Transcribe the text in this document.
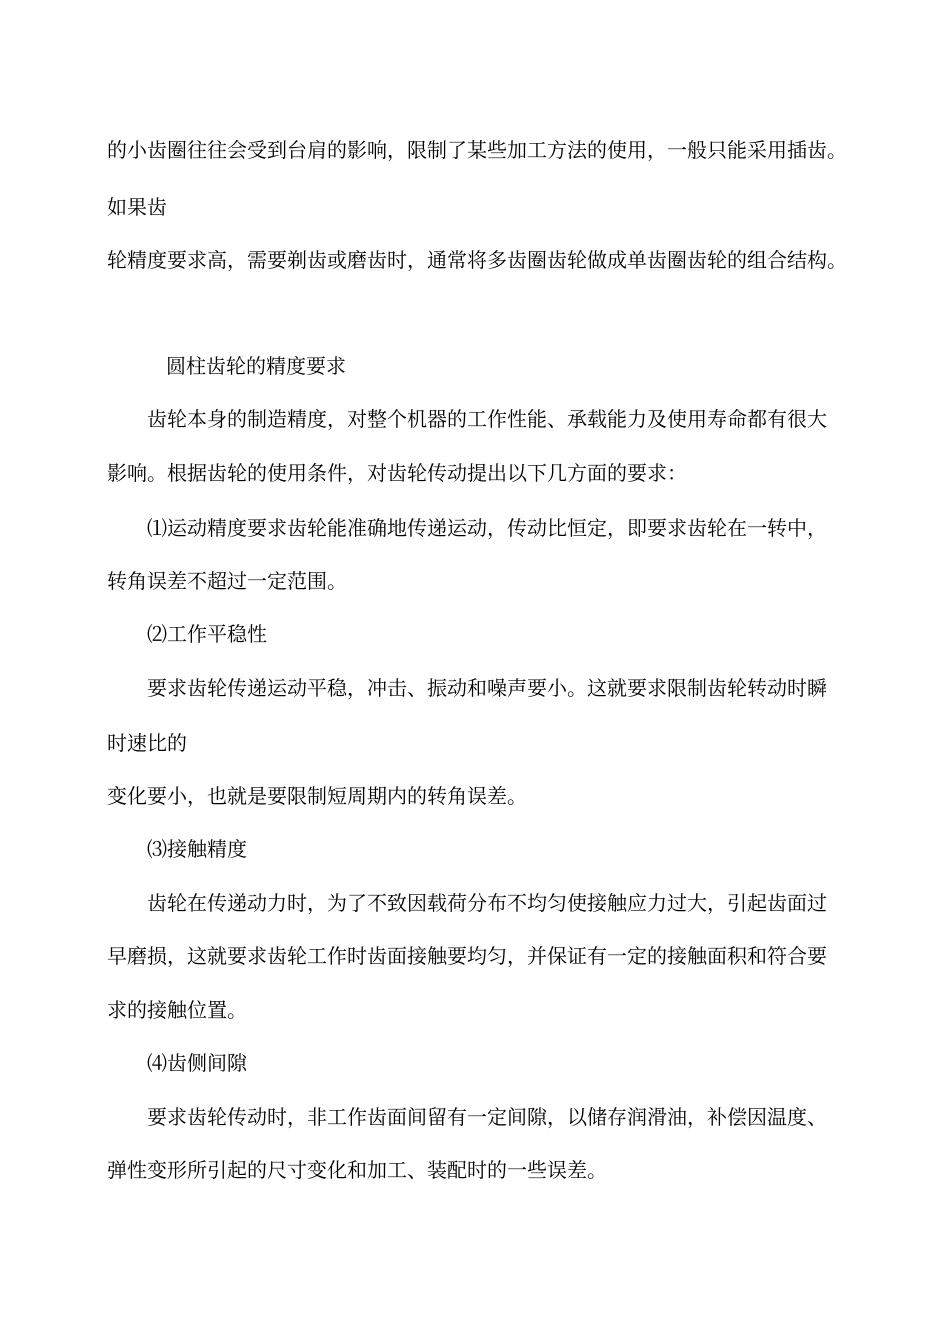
的小齿圈往往会受到台肩的影响，限制了某些加工方法的使用，一般只能采用插齿。
如果齿
轮精度要求高，需要剃齿或磨齿时，通常将多齿圈齿轮做成单齿圈齿轮的组合结构。
圆柱齿轮的精度要求
齿轮本身的制造精度，对整个机器的工作性能、承载能力及使用寿命都有很大
影响。根据齿轮的使用条件，对齿轮传动提出以下几方面的要求：
⑴运动精度要求齿轮能准确地传递运动，传动比恒定，即要求齿轮在一转中，
转角误差不超过一定范围。
⑵工作平稳性
要求齿轮传递运动平稳，冲击、振动和噪声要小。这就要求限制齿轮转动时瞬
时速比的
变化要小，也就是要限制短周期内的转角误差。
⑶接触精度
齿轮在传递动力时，为了不致因载荷分布不均匀使接触应力过大，引起齿面过
早磨损，这就要求齿轮工作时齿面接触要均匀，并保证有一定的接触面积和符合要
求的接触位置。
⑷齿侧间隙
要求齿轮传动时，非工作齿面间留有一定间隙，以储存润滑油，补偿因温度、
弹性变形所引起的尺寸变化和加工、装配时的一些误差。
